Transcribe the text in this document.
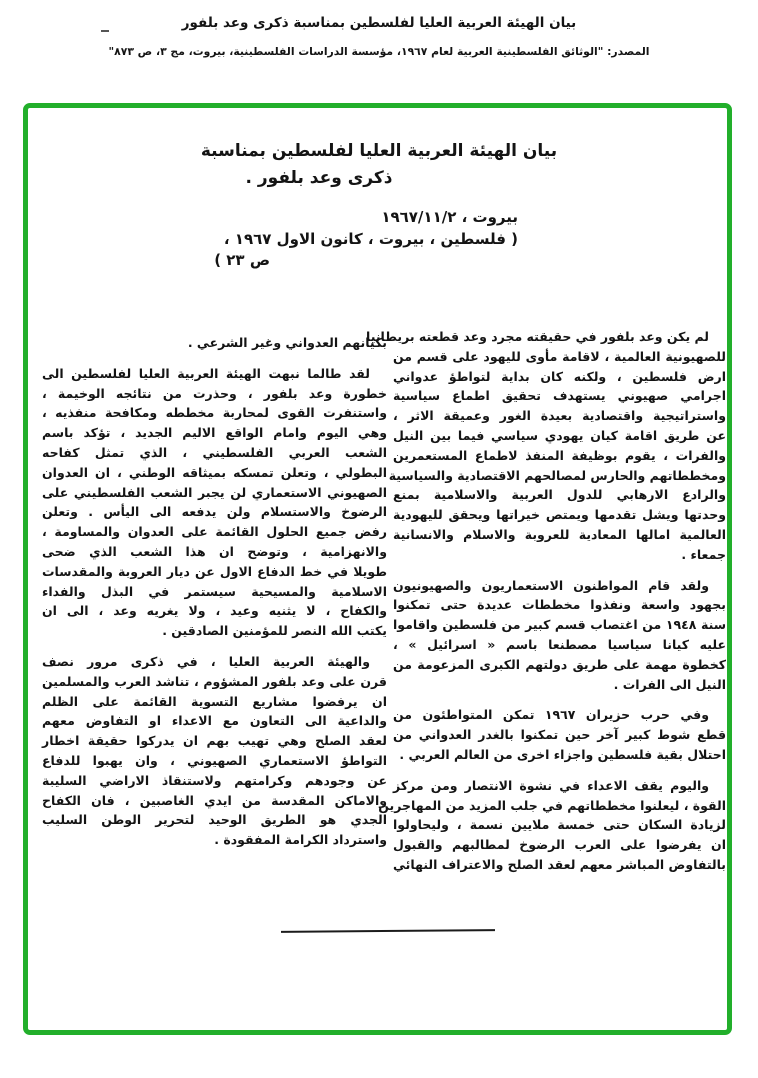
بيان الهيئة العربية العليا لفلسطين بمناسبة ذكرى وعد بلفور
المصدر: "الوثائق الفلسطينية العربية لعام ١٩٦٧، مؤسسة الدراسات الفلسطينية، بيروت، مج ٣، ص ٨٧٣"
بيان الهيئة العربية العليا لفلسطين بمناسبة
ذكرى وعد بلفور .
بيروت ، ١٩٦٧/١١/٢
( فلسطين ، بيروت ، كانون الاول ١٩٦٧ ،
ص ٢٣ )
لم يكن وعد بلفور في حقيقته مجرد وعد قطعته بريطانيا
للصهيونية العالمية ، لاقامة مأوى لليهود على قسم من
ارض فلسطين ، ولكنه كان بداية لتواطؤ عدواني
اجرامي صهيوني يستهدف تحقيق اطماع سياسية
واستراتيجية واقتصادية بعيدة الغور وعميقة الاثر ،
عن طريق اقامة كيان يهودي سياسي فيما بين النيل
والفرات ، يقوم بوظيفة المنفذ لاطماع المستعمرين
ومخططاتهم والحارس لمصالحهم الاقتصادية والسياسية
والرادع الارهابي للدول العربية والاسلامية بمنع
وحدتها ويشل تقدمها ويمتص خيراتها ويحقق لليهودية
العالمية امالها المعادية للعروبة والاسلام والانسانية
جمعاء .
ولقد قام المواطنون الاستعماريون والصهيونيون
بجهود واسعة ونفذوا مخططات عديدة حتى تمكنوا
سنة ١٩٤٨ من اغتصاب قسم كبير من فلسطين واقاموا
عليه كيانا سياسيا مصطنعا باسم « اسرائيل » ،
كخطوة مهمة على طريق دولتهم الكبرى المزعومة من
النيل الى الفرات .
وفي حرب حزيران ١٩٦٧ تمكن المتواطئون من
قطع شوط كبير آخر حين تمكنوا بالغدر العدواني من
احتلال بقية فلسطين واجزاء اخرى من العالم العربي .
واليوم يقف الاعداء في نشوة الانتصار ومن مركز
القوة ، ليعلنوا مخططاتهم في جلب المزيد من المهاجرين
لزيادة السكان حتى خمسة ملايين نسمة ، وليحاولوا
ان يفرضوا على العرب الرضوخ لمطالبهم والقبول
بالتفاوض المباشر معهم لعقد الصلح والاعتراف النهائي
بكيانهم العدواني وغير الشرعي .
لقد طالما نبهت الهيئة العربية العليا لفلسطين الى
خطورة وعد بلفور ، وحذرت من نتائجه الوخيمة ،
واستنفرت القوى لمحاربة مخططه ومكافحة منفذيه ،
وهي اليوم وامام الواقع الاليم الجديد ، تؤكد باسم
الشعب العربي الفلسطيني ، الذي تمثل كفاحه
البطولي ، وتعلن تمسكه بميثاقه الوطني ، ان العدوان
الصهيوني الاستعماري لن يجبر الشعب الفلسطيني على
الرضوخ والاستسلام ولن يدفعه الى اليأس . وتعلن
رفض جميع الحلول القائمة على العدوان والمساومة ،
والانهزامية ، وتوضح ان هذا الشعب الذي ضحى
طويلا في خط الدفاع الاول عن ديار العروبة والمقدسات
الاسلامية والمسيحية سيستمر في البذل والفداء
والكفاح ، لا يثنيه وعيد ، ولا يغريه وعد ، الى ان
يكتب الله النصر للمؤمنين الصادقين .
والهيئة العربية العليا ، في ذكرى مرور نصف
قرن على وعد بلفور المشؤوم ، تناشد العرب والمسلمين
ان يرفضوا مشاريع التسوية القائمة على الظلم
والداعية الى التعاون مع الاعداء او التفاوض معهم
لعقد الصلح وهي تهيب بهم ان يدركوا حقيقة اخطار
التواطؤ الاستعماري الصهيوني ، وان يهبوا للدفاع
عن وجودهم وكرامتهم ولاستنقاذ الاراضي السليبة
والاماكن المقدسة من ايدي الغاصبين ، فان الكفاح
الجدي هو الطريق الوحيد لتحرير الوطن السليب
واسترداد الكرامة المفقودة .
